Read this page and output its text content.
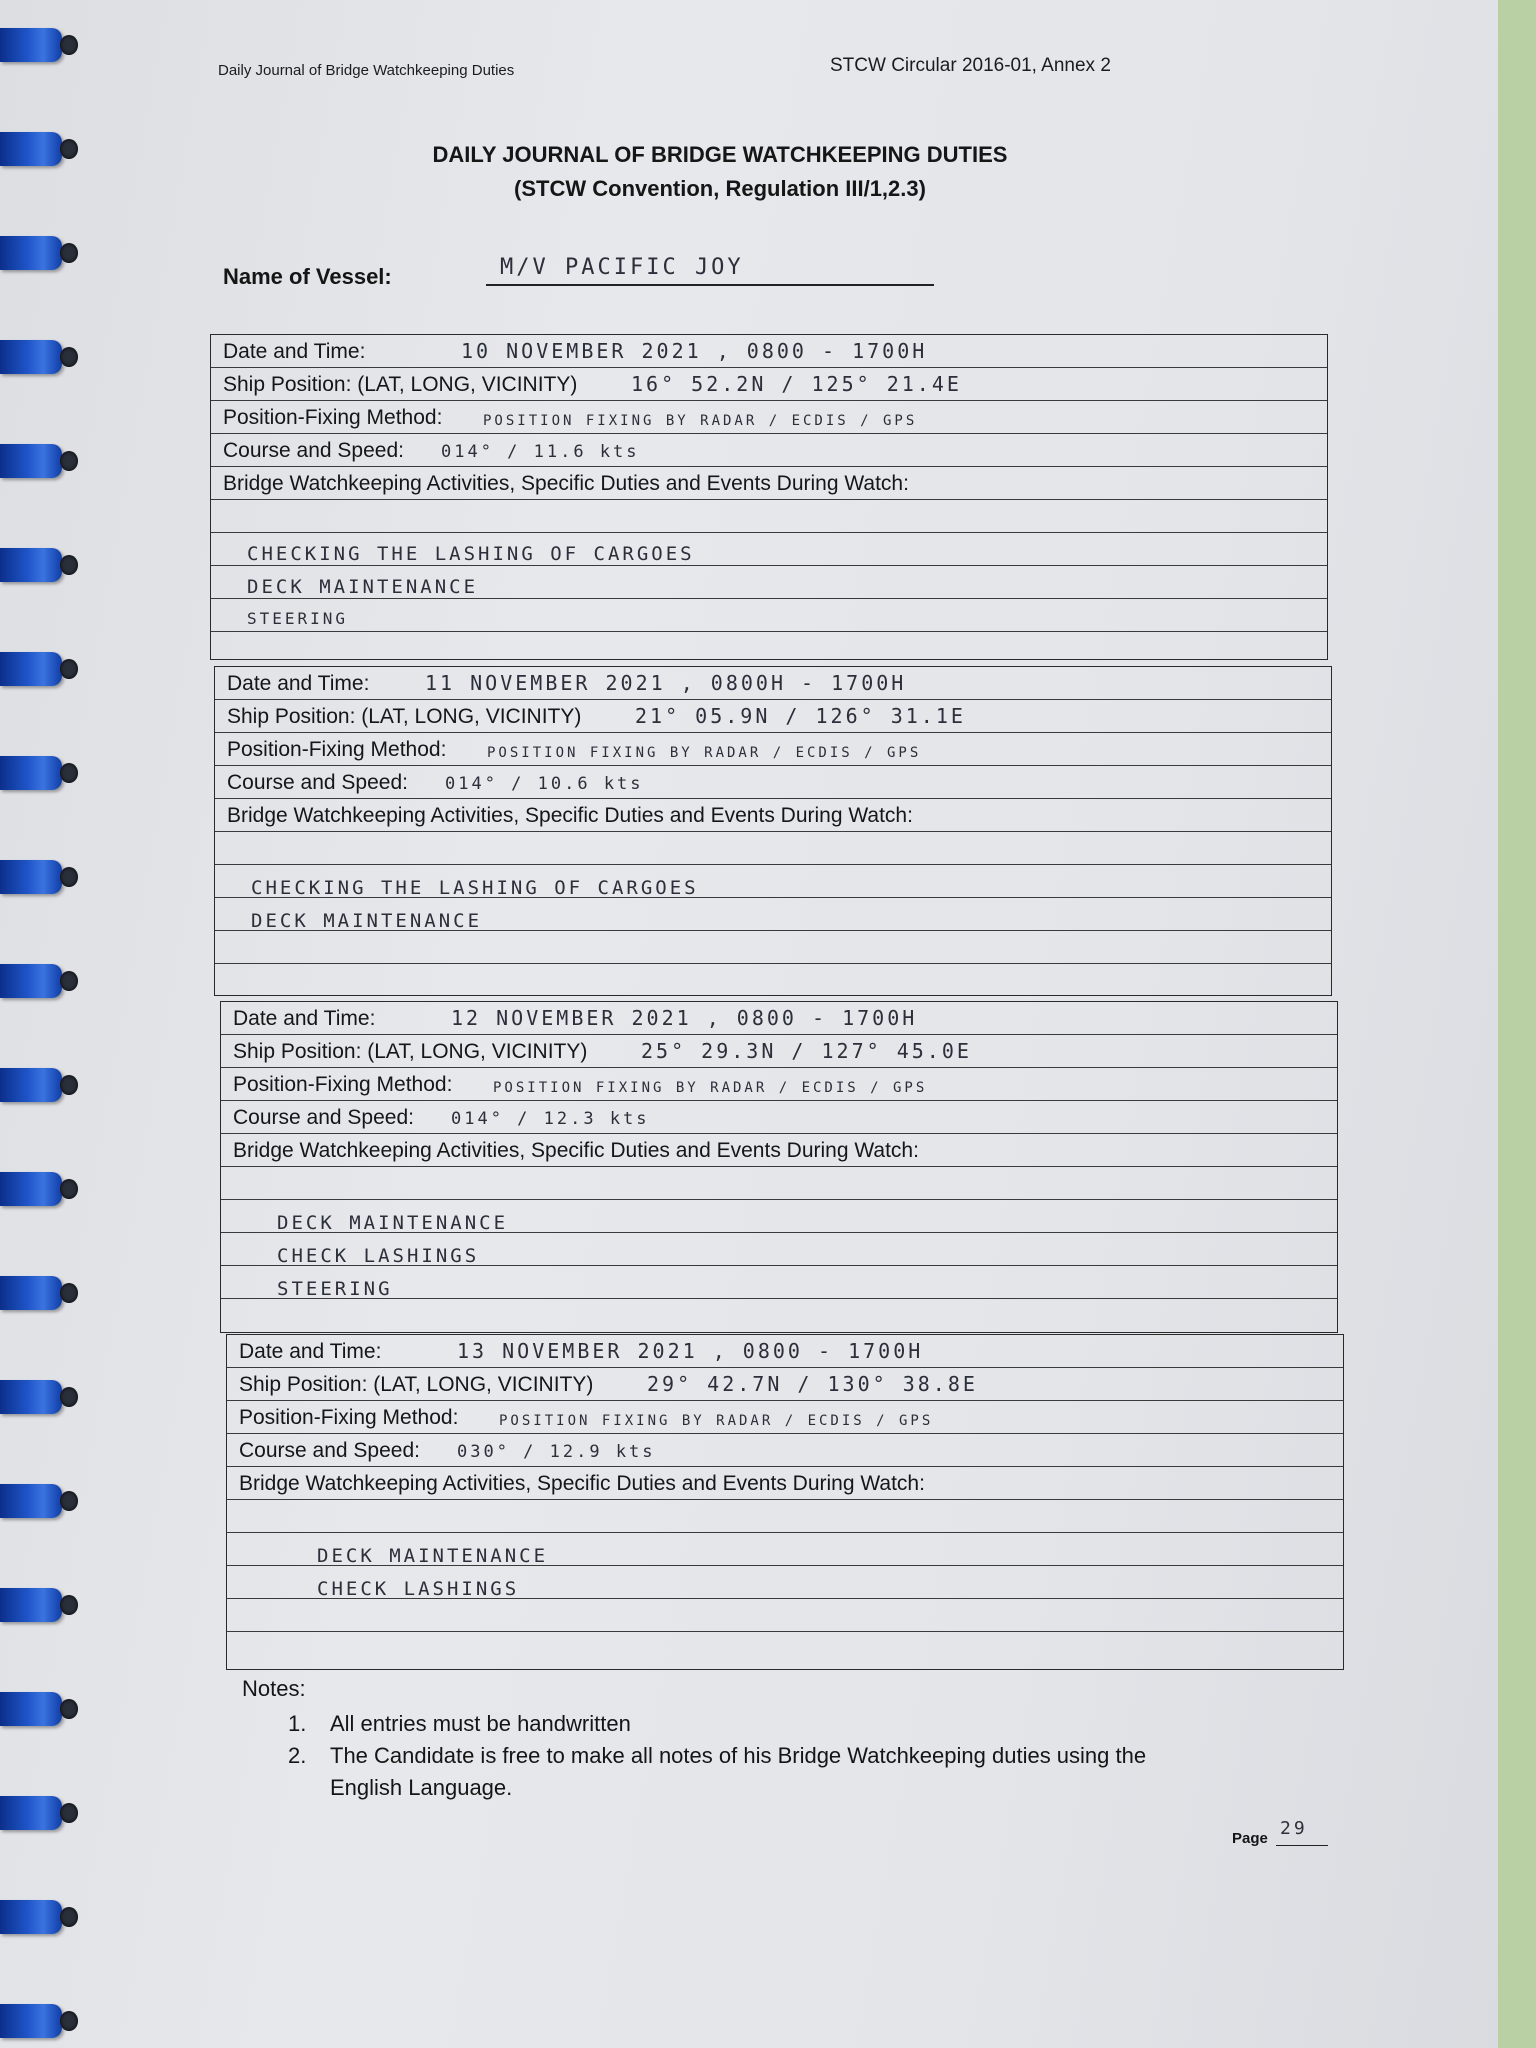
Daily Journal of Bridge Watchkeeping Duties	STCW Circular 2016-01, Annex 2
DAILY JOURNAL OF BRIDGE WATCHKEEPING DUTIES
(STCW Convention, Regulation III/1,2.3)
Name of Vessel:	M/V PACIFIC JOY
Date and Time:	10 NOVEMBER 2021 , 0800 - 1700H
Ship Position: (LAT, LONG, VICINITY)	16° 52.2N / 125° 21.4E
Position-Fixing Method:	POSITION FIXING BY RADAR / ECDIS / GPS
Course and Speed: 014° / 11.6 kts
Bridge Watchkeeping Activities, Specific Duties and Events During Watch:
CHECKING THE LASHING OF CARGOES
DECK MAINTENANCE
STEERING
Date and Time:	11 NOVEMBER 2021 , 0800H - 1700H
Ship Position: (LAT, LONG, VICINITY)	21° 05.9N / 126° 31.1E
Position-Fixing Method:	POSITION FIXING BY RADAR / ECDIS / GPS
Course and Speed: 014° / 10.6 kts
Bridge Watchkeeping Activities, Specific Duties and Events During Watch:
CHECKING THE LASHING OF CARGOES
DECK MAINTENANCE
Date and Time:	12 NOVEMBER 2021 , 0800 - 1700H
Ship Position: (LAT, LONG, VICINITY)	25° 29.3N / 127° 45.0E
Position-Fixing Method:	POSITION FIXING BY RADAR / ECDIS / GPS
Course and Speed: 014° / 12.3 kts
Bridge Watchkeeping Activities, Specific Duties and Events During Watch:
DECK MAINTENANCE
CHECK LASHINGS
STEERING
Date and Time:	13 NOVEMBER 2021 , 0800 - 1700H
Ship Position: (LAT, LONG, VICINITY)	29° 42.7N / 130° 38.8E
Position-Fixing Method:	POSITION FIXING BY RADAR / ECDIS / GPS
Course and Speed: 030° / 12.9 kts
Bridge Watchkeeping Activities, Specific Duties and Events During Watch:
DECK MAINTENANCE
CHECK LASHINGS
Notes:
1. All entries must be handwritten
2. The Candidate is free to make all notes of his Bridge Watchkeeping duties using the
English Language.
Page 29
